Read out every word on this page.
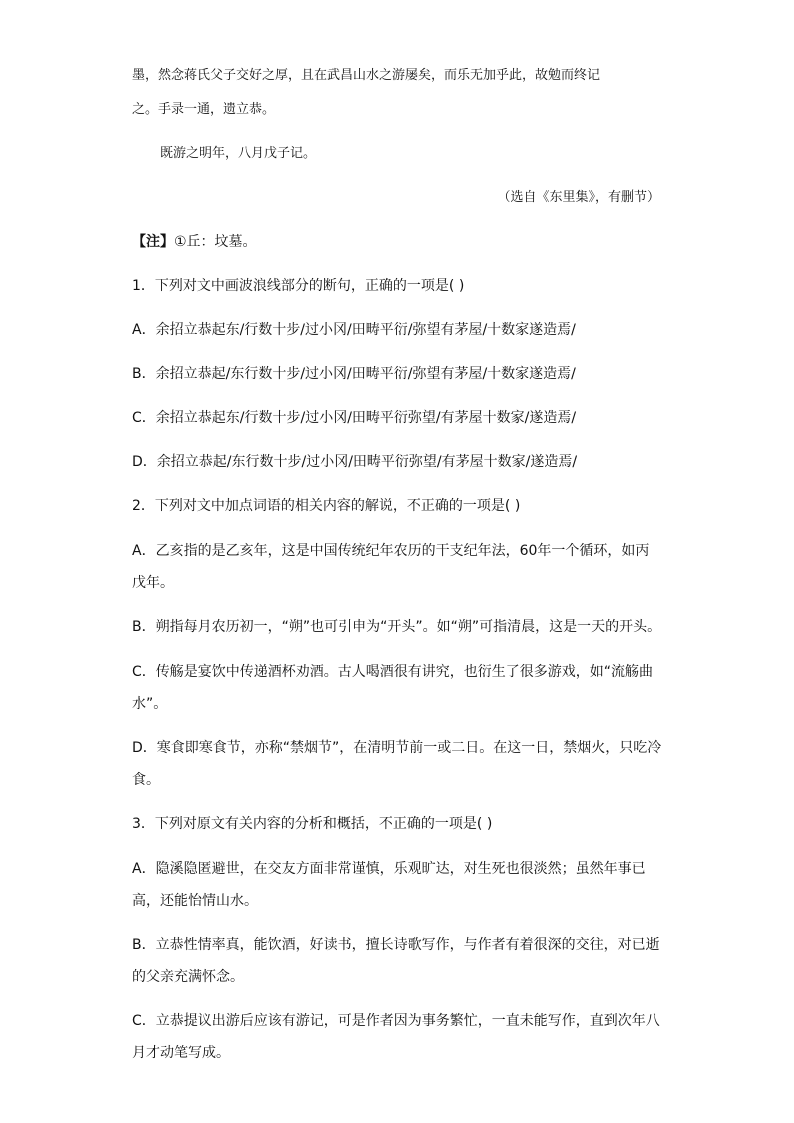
墨，然念蒋氏父子交好之厚，且在武昌山水之游屡矣，而乐无加乎此，故勉而终记
之。手录一通，遗立恭。
既游之明年，八月戊子记。
（选自《东里集》，有删节）
【注】①丘：坟墓。
1．下列对文中画波浪线部分的断句，正确的一项是( )
A．余招立恭起东/行数十步/过小冈/田畴平衍/弥望有茅屋/十数家遂造焉/
B．余招立恭起/东行数十步/过小冈/田畴平衍/弥望有茅屋/十数家遂造焉/
C．余招立恭起东/行数十步/过小冈/田畴平衍弥望/有茅屋十数家/遂造焉/
D．余招立恭起/东行数十步/过小冈/田畴平衍弥望/有茅屋十数家/遂造焉/
2．下列对文中加点词语的相关内容的解说，不正确的一项是( )
A．乙亥指的是乙亥年，这是中国传统纪年农历的干支纪年法，60年一个循环，如丙
戊年。
B．朔指每月农历初一，“朔”也可引申为“开头”。如“朔”可指清晨，这是一天的开头。
C．传觞是宴饮中传递酒杯劝酒。古人喝酒很有讲究，也衍生了很多游戏，如“流觞曲
水”。
D．寒食即寒食节，亦称“禁烟节”，在清明节前一或二日。在这一日，禁烟火，只吃冷
食。
3．下列对原文有关内容的分析和概括，不正确的一项是( )
A．隐溪隐匿避世，在交友方面非常谨慎，乐观旷达，对生死也很淡然；虽然年事已
高，还能怡情山水。
B．立恭性情率真，能饮酒，好读书，擅长诗歌写作，与作者有着很深的交往，对已逝
的父亲充满怀念。
C．立恭提议出游后应该有游记，可是作者因为事务繁忙，一直未能写作，直到次年八
月才动笔写成。
